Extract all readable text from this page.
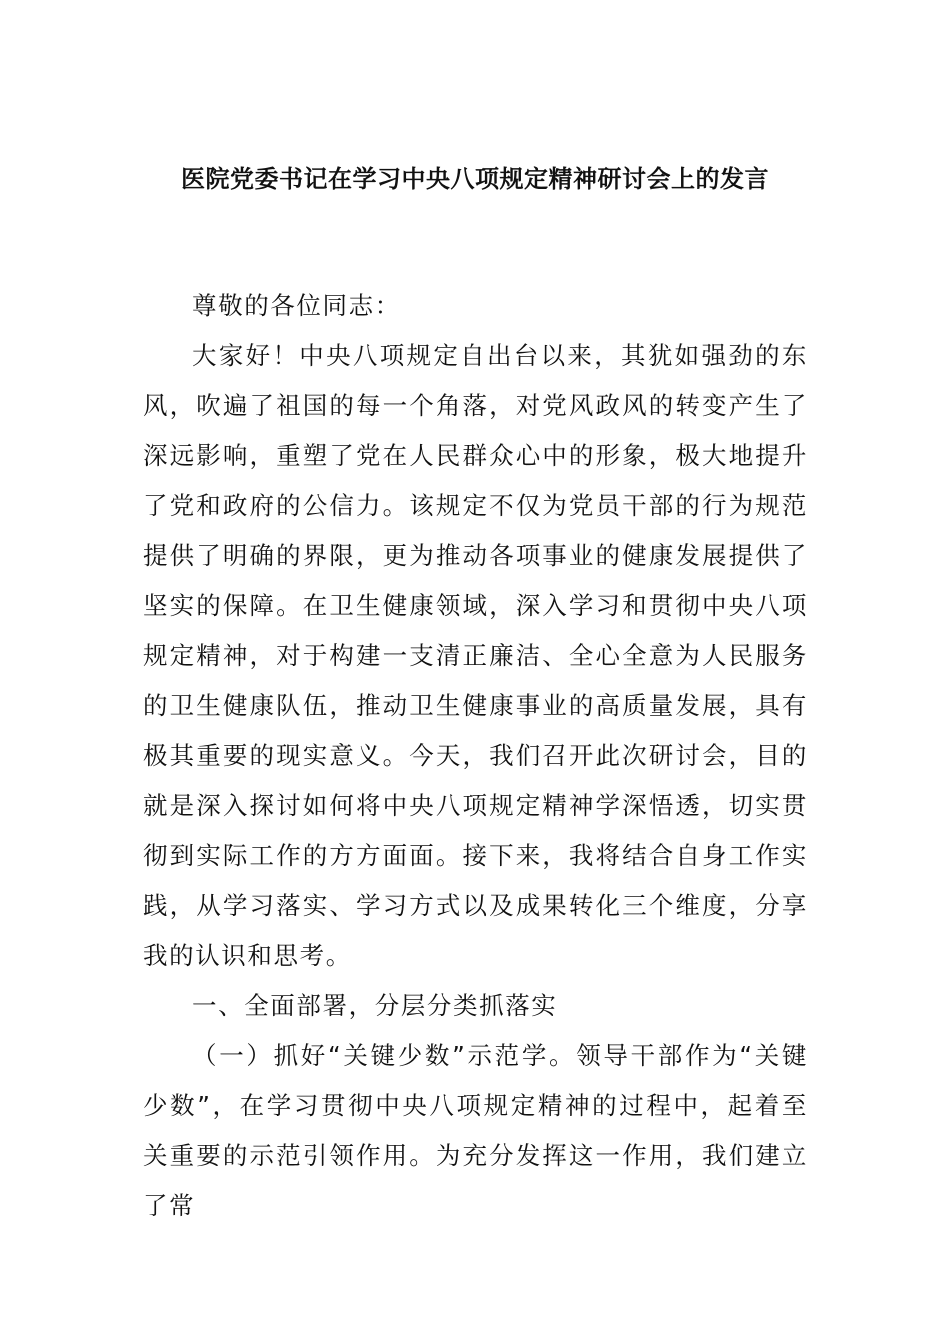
医院党委书记在学习中央八项规定精神研讨会上的发言

尊敬的各位同志：

大家好！中央八项规定自出台以来，其犹如强劲的东风，吹遍了祖国的每一个角落，对党风政风的转变产生了深远影响，重塑了党在人民群众心中的形象，极大地提升了党和政府的公信力。该规定不仅为党员干部的行为规范提供了明确的界限，更为推动各项事业的健康发展提供了坚实的保障。在卫生健康领域，深入学习和贯彻中央八项规定精神，对于构建一支清正廉洁、全心全意为人民服务的卫生健康队伍，推动卫生健康事业的高质量发展，具有极其重要的现实意义。今天，我们召开此次研讨会，目的就是深入探讨如何将中央八项规定精神学深悟透，切实贯彻到实际工作的方方面面。接下来，我将结合自身工作实践，从学习落实、学习方式以及成果转化三个维度，分享我的认识和思考。

一、全面部署，分层分类抓落实

（一）抓好“关键少数”示范学。领导干部作为“关键少数”，在学习贯彻中央八项规定精神的过程中，起着至关重要的示范引领作用。为充分发挥这一作用，我们建立了常
